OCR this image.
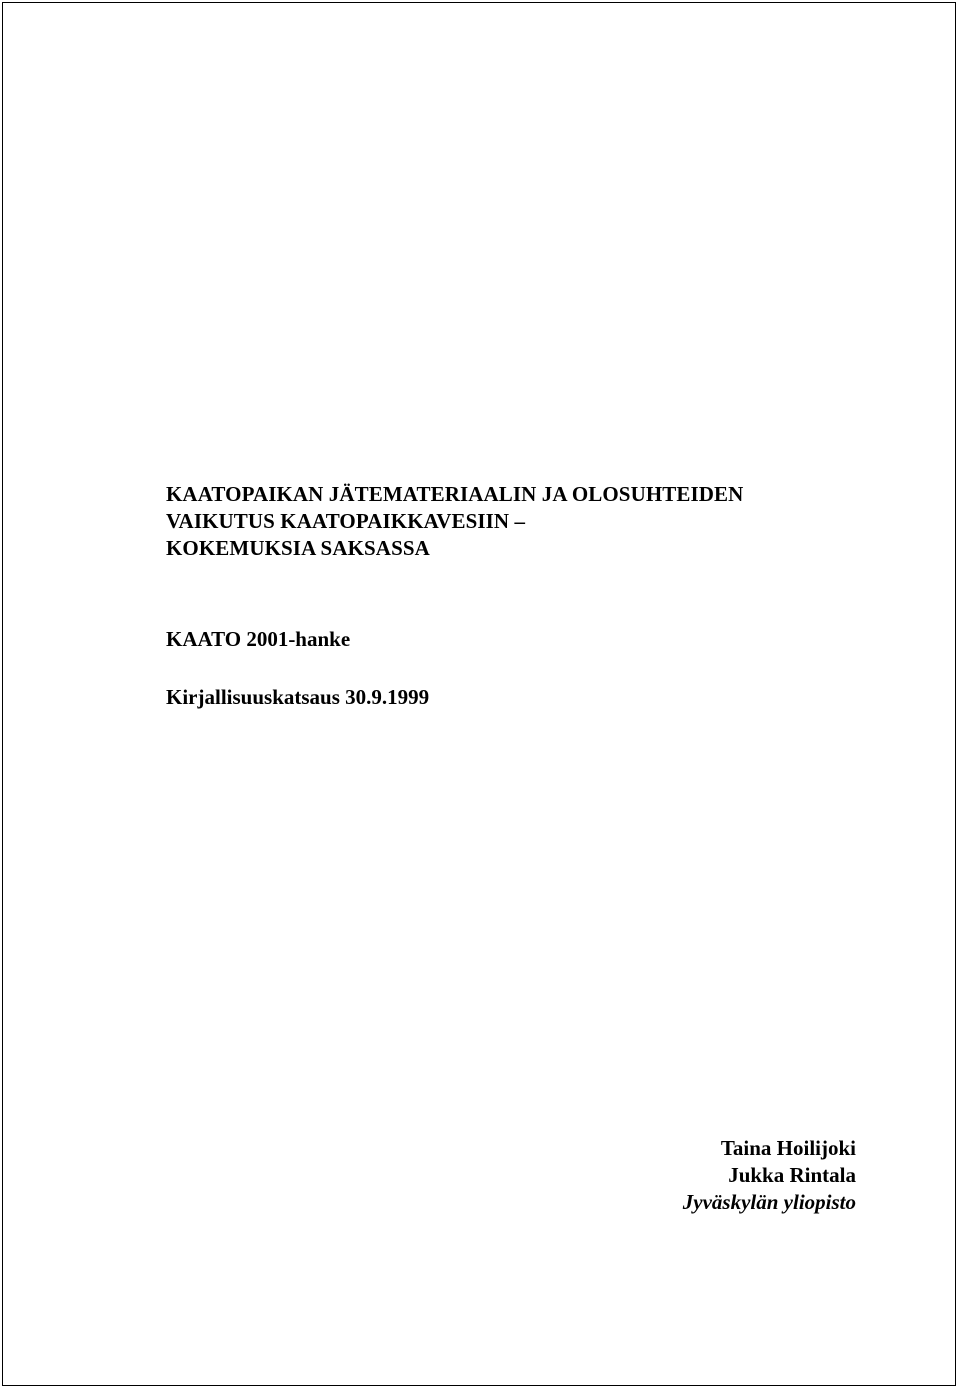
KAATOPAIKAN JÄTEMATERIAALIN JA OLOSUHTEIDEN
VAIKUTUS KAATOPAIKKAVESIIN –
KOKEMUKSIA SAKSASSA
KAATO 2001-hanke
Kirjallisuuskatsaus 30.9.1999
Taina Hoilijoki
Jukka Rintala
Jyväskylän yliopisto
